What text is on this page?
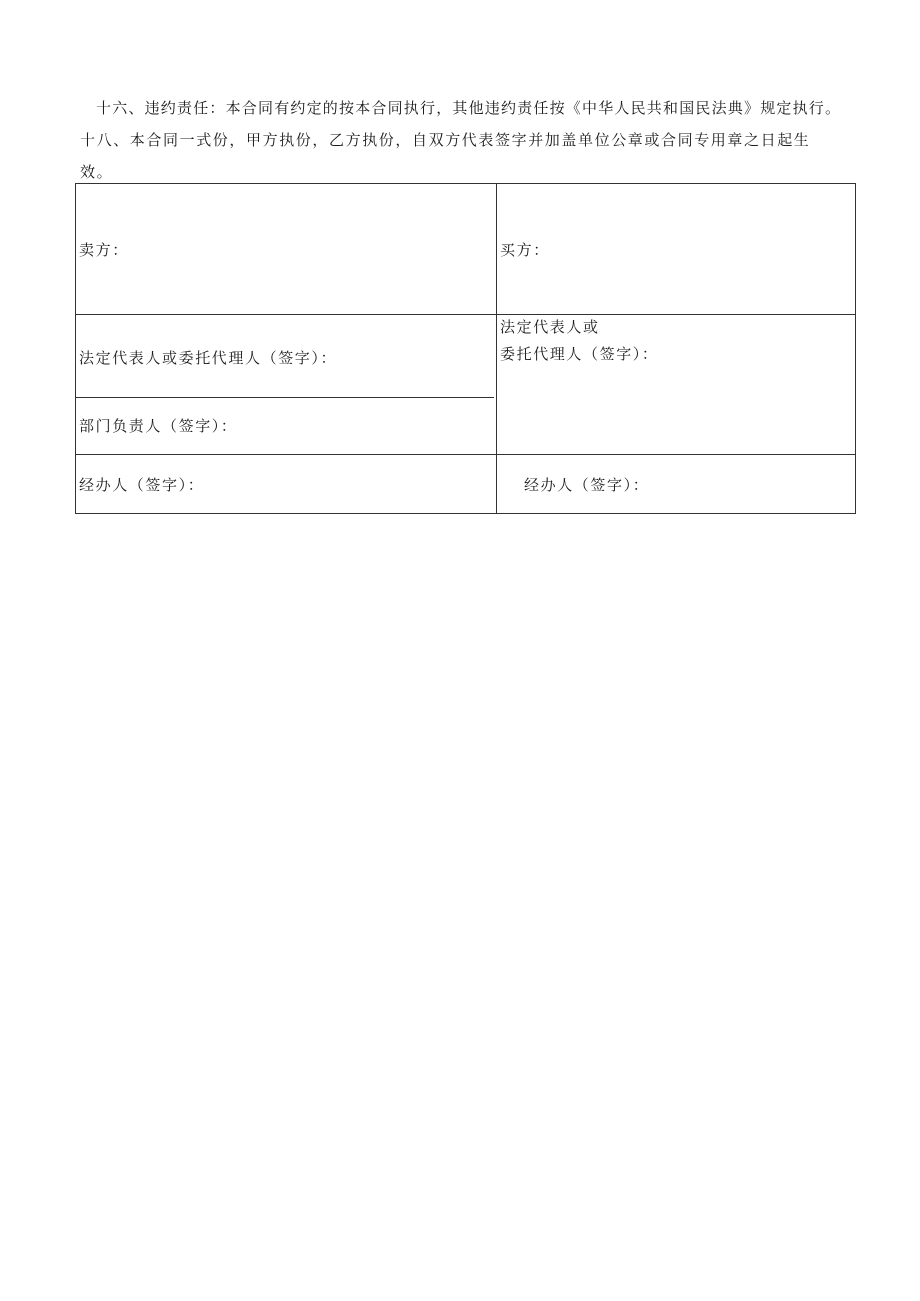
十六、违约责任：本合同有约定的按本合同执行，其他违约责任按《中华人民共和国民法典》规定执行。

十八、本合同一式份，甲方执份，乙方执份，自双方代表签字并加盖单位公章或合同专用章之日起生

效。

卖方：	买方：
法定代表人或委托代理人（签字）：
法定代表人或
委托代理人（签字）：
部门负责人（签字）：
经办人（签字）：	经办人（签字）：
